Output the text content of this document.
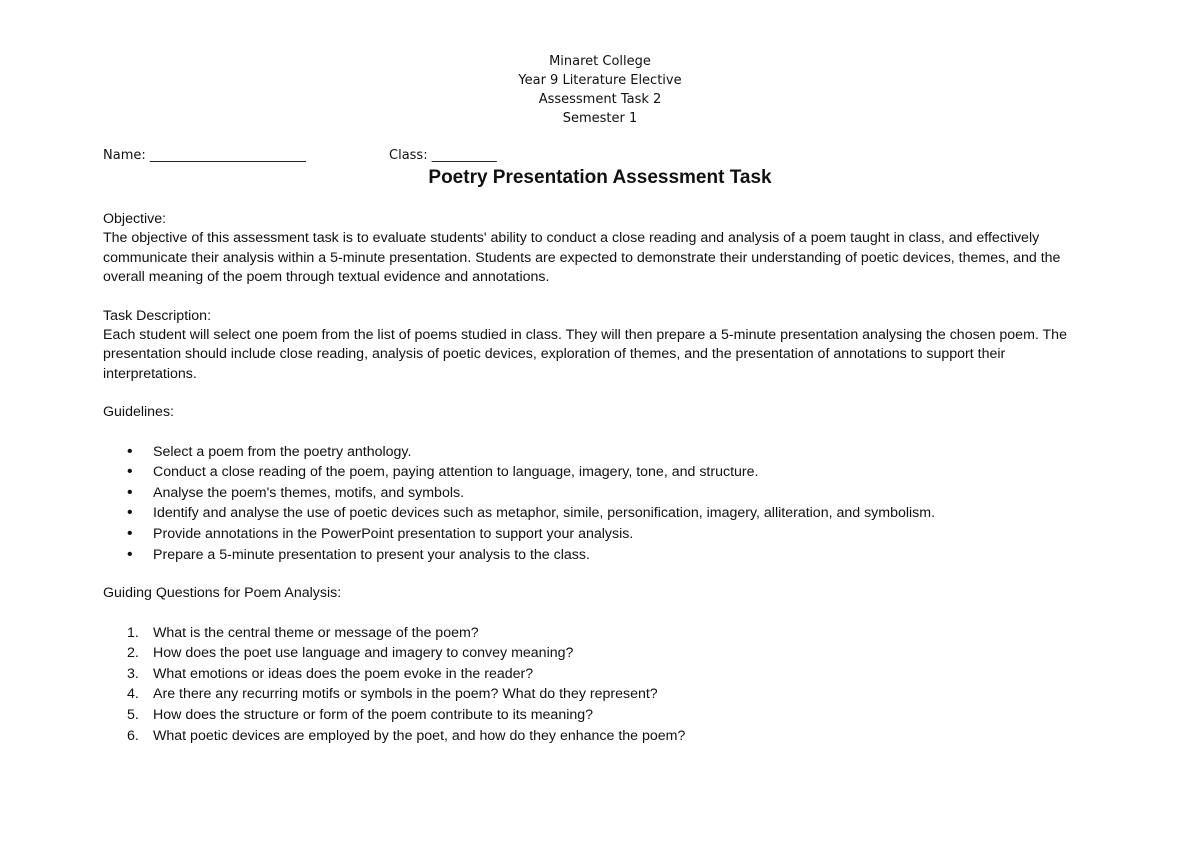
Minaret College
Year 9 Literature Elective
Assessment Task 2
Semester 1
Name: ________________________	Class: __________
Poetry Presentation Assessment Task

Objective:

The objective of this assessment task is to evaluate students' ability to conduct a close reading and analysis of a poem taught in class, and effectively communicate their analysis within a 5-minute presentation. Students are expected to demonstrate their understanding of poetic devices, themes, and the overall meaning of the poem through textual evidence and annotations.

Task Description:

Each student will select one poem from the list of poems studied in class. They will then prepare a 5-minute presentation analysing the chosen poem. The presentation should include close reading, analysis of poetic devices, exploration of themes, and the presentation of annotations to support their interpretations.

Guidelines:

• Select a poem from the poetry anthology.
• Conduct a close reading of the poem, paying attention to language, imagery, tone, and structure.
• Analyse the poem's themes, motifs, and symbols.
• Identify and analyse the use of poetic devices such as metaphor, simile, personification, imagery, alliteration, and symbolism.
• Provide annotations in the PowerPoint presentation to support your analysis.
• Prepare a 5-minute presentation to present your analysis to the class.

Guiding Questions for Poem Analysis:

1. What is the central theme or message of the poem?
2. How does the poet use language and imagery to convey meaning?
3. What emotions or ideas does the poem evoke in the reader?
4. Are there any recurring motifs or symbols in the poem? What do they represent?
5. How does the structure or form of the poem contribute to its meaning?
6. What poetic devices are employed by the poet, and how do they enhance the poem?
